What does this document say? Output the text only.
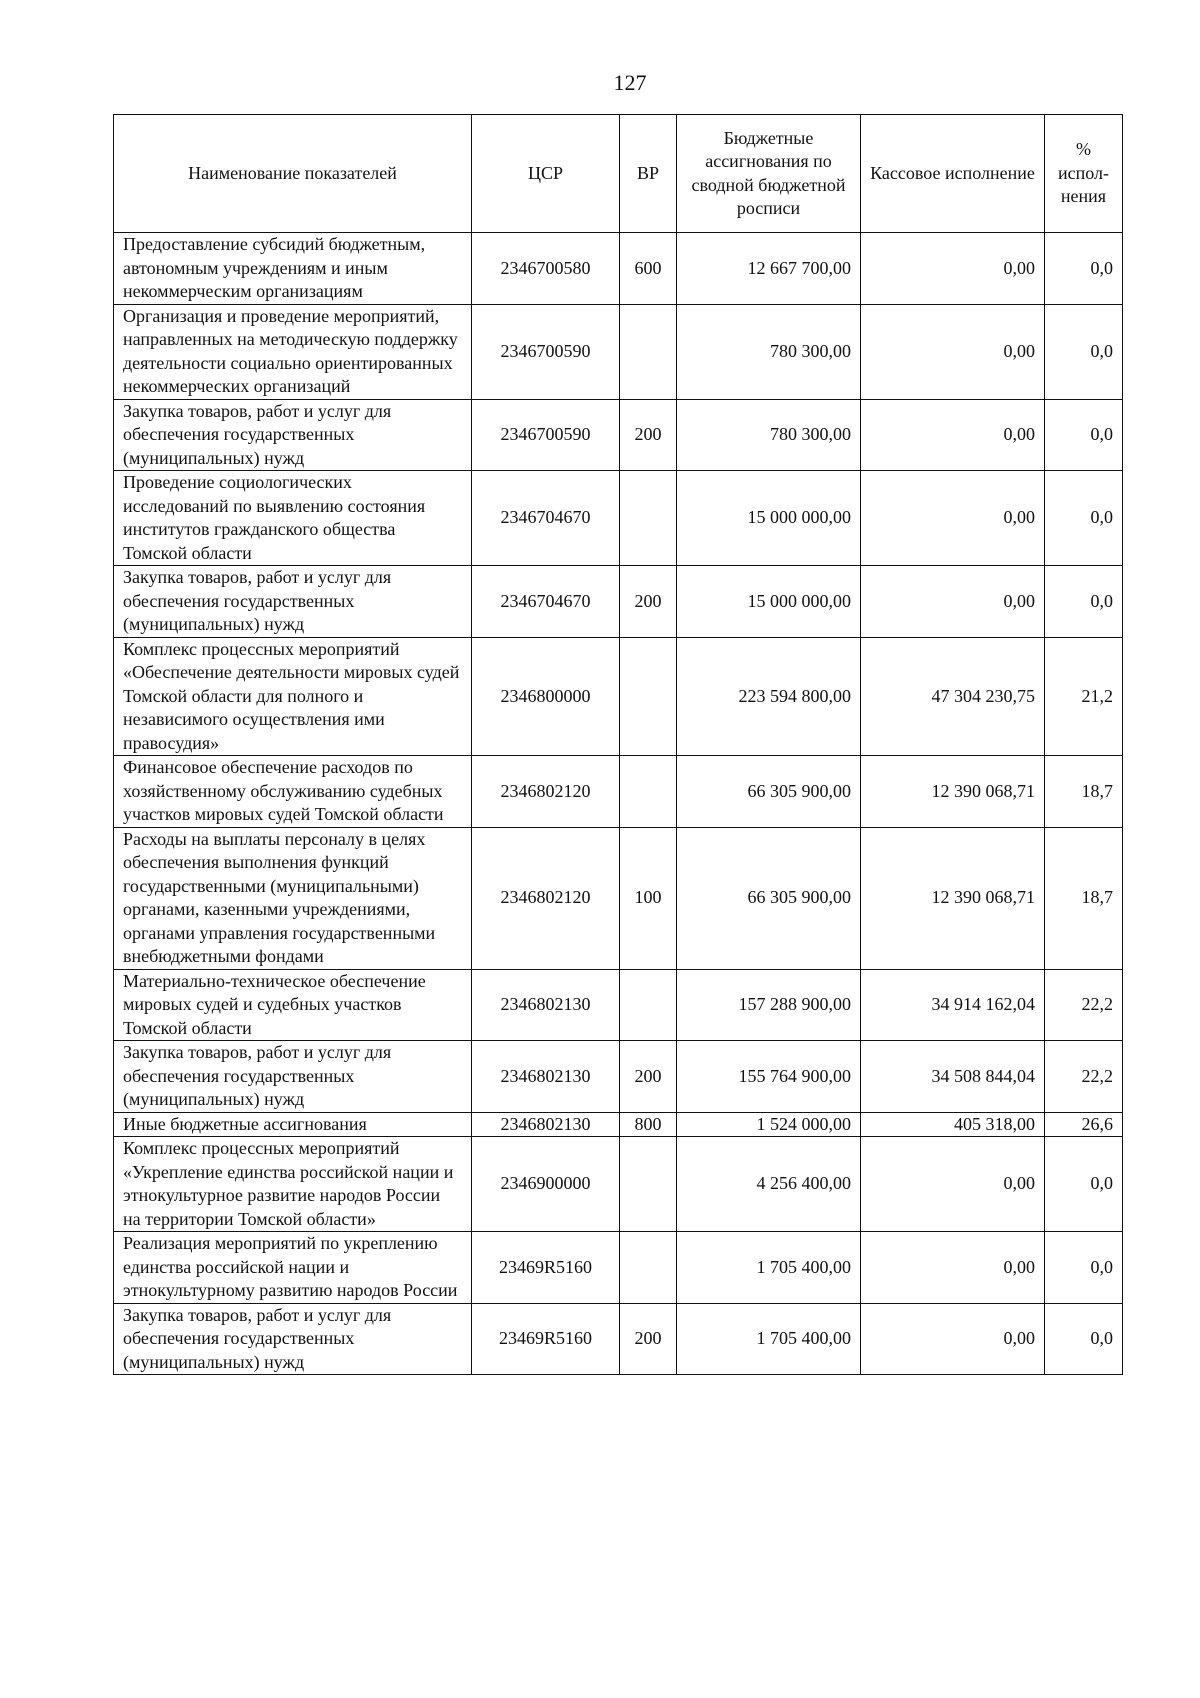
127
Наименование показателей	ЦСР	ВР	Бюджетные ассигнования по сводной бюджетной росписи	Кассовое исполнение	% испол-нения
Предоставление субсидий бюджетным, автономным учреждениям и иным некоммерческим организациям	2346700580	600	12 667 700,00	0,00	0,0
Организация и проведение мероприятий, направленных на методическую поддержку деятельности социально ориентированных некоммерческих организаций	2346700590		780 300,00	0,00	0,0
Закупка товаров, работ и услуг для обеспечения государственных (муниципальных) нужд	2346700590	200	780 300,00	0,00	0,0
Проведение социологических исследований по выявлению состояния институтов гражданского общества Томской области	2346704670		15 000 000,00	0,00	0,0
Закупка товаров, работ и услуг для обеспечения государственных (муниципальных) нужд	2346704670	200	15 000 000,00	0,00	0,0
Комплекс процессных мероприятий «Обеспечение деятельности мировых судей Томской области для полного и независимого осуществления ими правосудия»	2346800000		223 594 800,00	47 304 230,75	21,2
Финансовое обеспечение расходов по хозяйственному обслуживанию судебных участков мировых судей Томской области	2346802120		66 305 900,00	12 390 068,71	18,7
Расходы на выплаты персоналу в целях обеспечения выполнения функций государственными (муниципальными) органами, казенными учреждениями, органами управления государственными внебюджетными фондами	2346802120	100	66 305 900,00	12 390 068,71	18,7
Материально-техническое обеспечение мировых судей и судебных участков Томской области	2346802130		157 288 900,00	34 914 162,04	22,2
Закупка товаров, работ и услуг для обеспечения государственных (муниципальных) нужд	2346802130	200	155 764 900,00	34 508 844,04	22,2
Иные бюджетные ассигнования	2346802130	800	1 524 000,00	405 318,00	26,6
Комплекс процессных мероприятий «Укрепление единства российской нации и этнокультурное развитие народов России на территории Томской области»	2346900000		4 256 400,00	0,00	0,0
Реализация мероприятий по укреплению единства российской нации и этнокультурному развитию народов России	23469R5160		1 705 400,00	0,00	0,0
Закупка товаров, работ и услуг для обеспечения государственных (муниципальных) нужд	23469R5160	200	1 705 400,00	0,00	0,0
